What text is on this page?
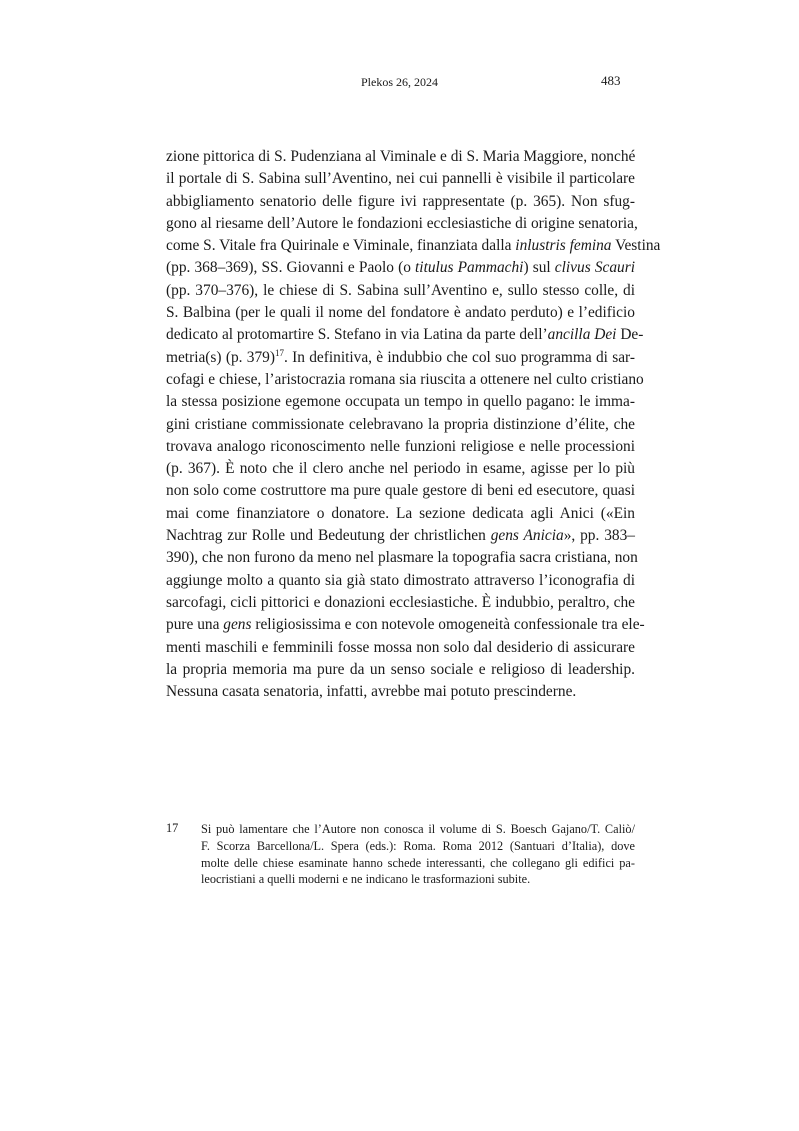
Plekos 26, 2024	483
zione pittorica di S. Pudenziana al Viminale e di S. Maria Maggiore, nonché
il portale di S. Sabina sull’Aventino, nei cui pannelli è visibile il particolare
abbigliamento senatorio delle figure ivi rappresentate (p. 365). Non sfug-
gono al riesame dell’Autore le fondazioni ecclesiastiche di origine senatoria,
come S. Vitale fra Quirinale e Viminale, finanziata dalla inlustris femina Vestina
(pp. 368–369), SS. Giovanni e Paolo (o titulus Pammachi) sul clivus Scauri
(pp. 370–376), le chiese di S. Sabina sull’Aventino e, sullo stesso colle, di
S. Balbina (per le quali il nome del fondatore è andato perduto) e l’edificio
dedicato al protomartire S. Stefano in via Latina da parte dell’ancilla Dei De-
metria(s) (p. 379)$^{17}$. In definitiva, è indubbio che col suo programma di sar-
cofagi e chiese, l’aristocrazia romana sia riuscita a ottenere nel culto cristiano
la stessa posizione egemone occupata un tempo in quello pagano: le imma-
gini cristiane commissionate celebravano la propria distinzione d’élite, che
trovava analogo riconoscimento nelle funzioni religiose e nelle processioni
(p. 367). È noto che il clero anche nel periodo in esame, agisse per lo più
non solo come costruttore ma pure quale gestore di beni ed esecutore, quasi
mai come finanziatore o donatore. La sezione dedicata agli Anici («Ein
Nachtrag zur Rolle und Bedeutung der christlichen gens Anicia», pp. 383–
390), che non furono da meno nel plasmare la topografia sacra cristiana, non
aggiunge molto a quanto sia già stato dimostrato attraverso l’iconografia di
sarcofagi, cicli pittorici e donazioni ecclesiastiche. È indubbio, peraltro, che
pure una gens religiosissima e con notevole omogeneità confessionale tra ele-
menti maschili e femminili fosse mossa non solo dal desiderio di assicurare
la propria memoria ma pure da un senso sociale e religioso di leadership.
Nessuna casata senatoria, infatti, avrebbe mai potuto prescinderne.
17 Si può lamentare che l’Autore non conosca il volume di S. Boesch Gajano/T. Caliò/
F. Scorza Barcellona/L. Spera (eds.): Roma. Roma 2012 (Santuari d’Italia), dove
molte delle chiese esaminate hanno schede interessanti, che collegano gli edifici pa-
leocristiani a quelli moderni e ne indicano le trasformazioni subite.
